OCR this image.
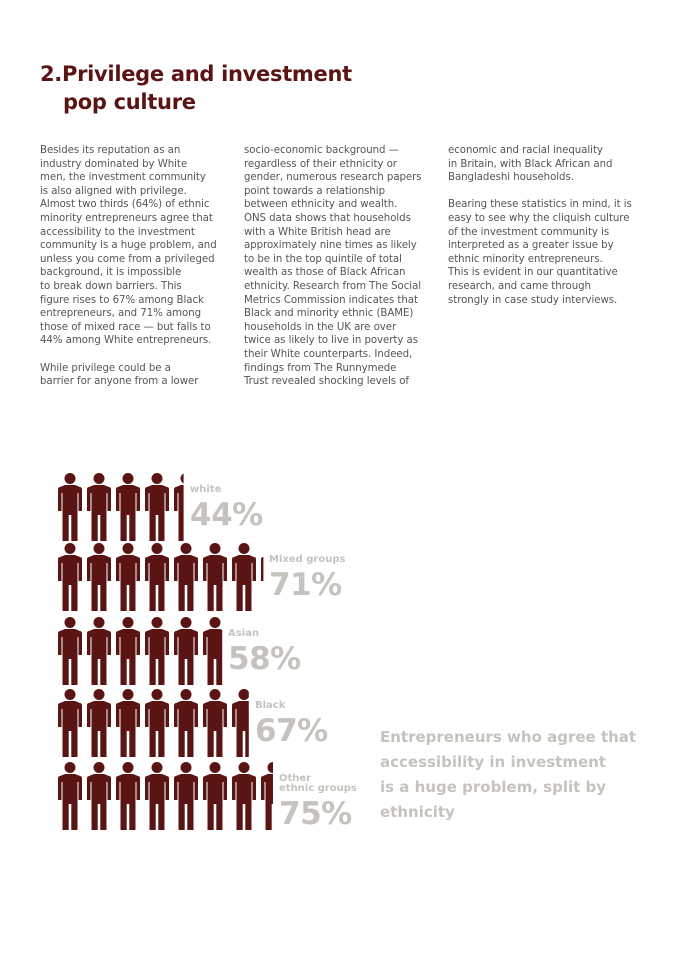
2.Privilege and investment
pop culture

Besides its reputation as an
industry dominated by White
men, the investment community
is also aligned with privilege.
Almost two thirds (64%) of ethnic
minority entrepreneurs agree that
accessibility to the investment
community is a huge problem, and
unless you come from a privileged
background, it is impossible
to break down barriers. This
figure rises to 67% among Black
entrepreneurs, and 71% among
those of mixed race — but falls to
44% among White entrepreneurs.

While privilege could be a
barrier for anyone from a lower

socio-economic background —
regardless of their ethnicity or
gender, numerous research papers
point towards a relationship
between ethnicity and wealth.
ONS data shows that households
with a White British head are
approximately nine times as likely
to be in the top quintile of total
wealth as those of Black African
ethnicity. Research from The Social
Metrics Commission indicates that
Black and minority ethnic (BAME)
households in the UK are over
twice as likely to live in poverty as
their White counterparts. Indeed,
findings from The Runnymede
Trust revealed shocking levels of

economic and racial inequality
in Britain, with Black African and
Bangladeshi households.

Bearing these statistics in mind, it is
easy to see why the cliquish culture
of the investment community is
interpreted as a greater issue by
ethnic minority entrepreneurs.
This is evident in our quantitative
research, and came through
strongly in case study interviews.

white
44%
Mixed groups
71%
Asian
58%
Black
67%
Other
ethnic groups
75%

Entrepreneurs who agree that
accessibility in investment
is a huge problem, split by
ethnicity
